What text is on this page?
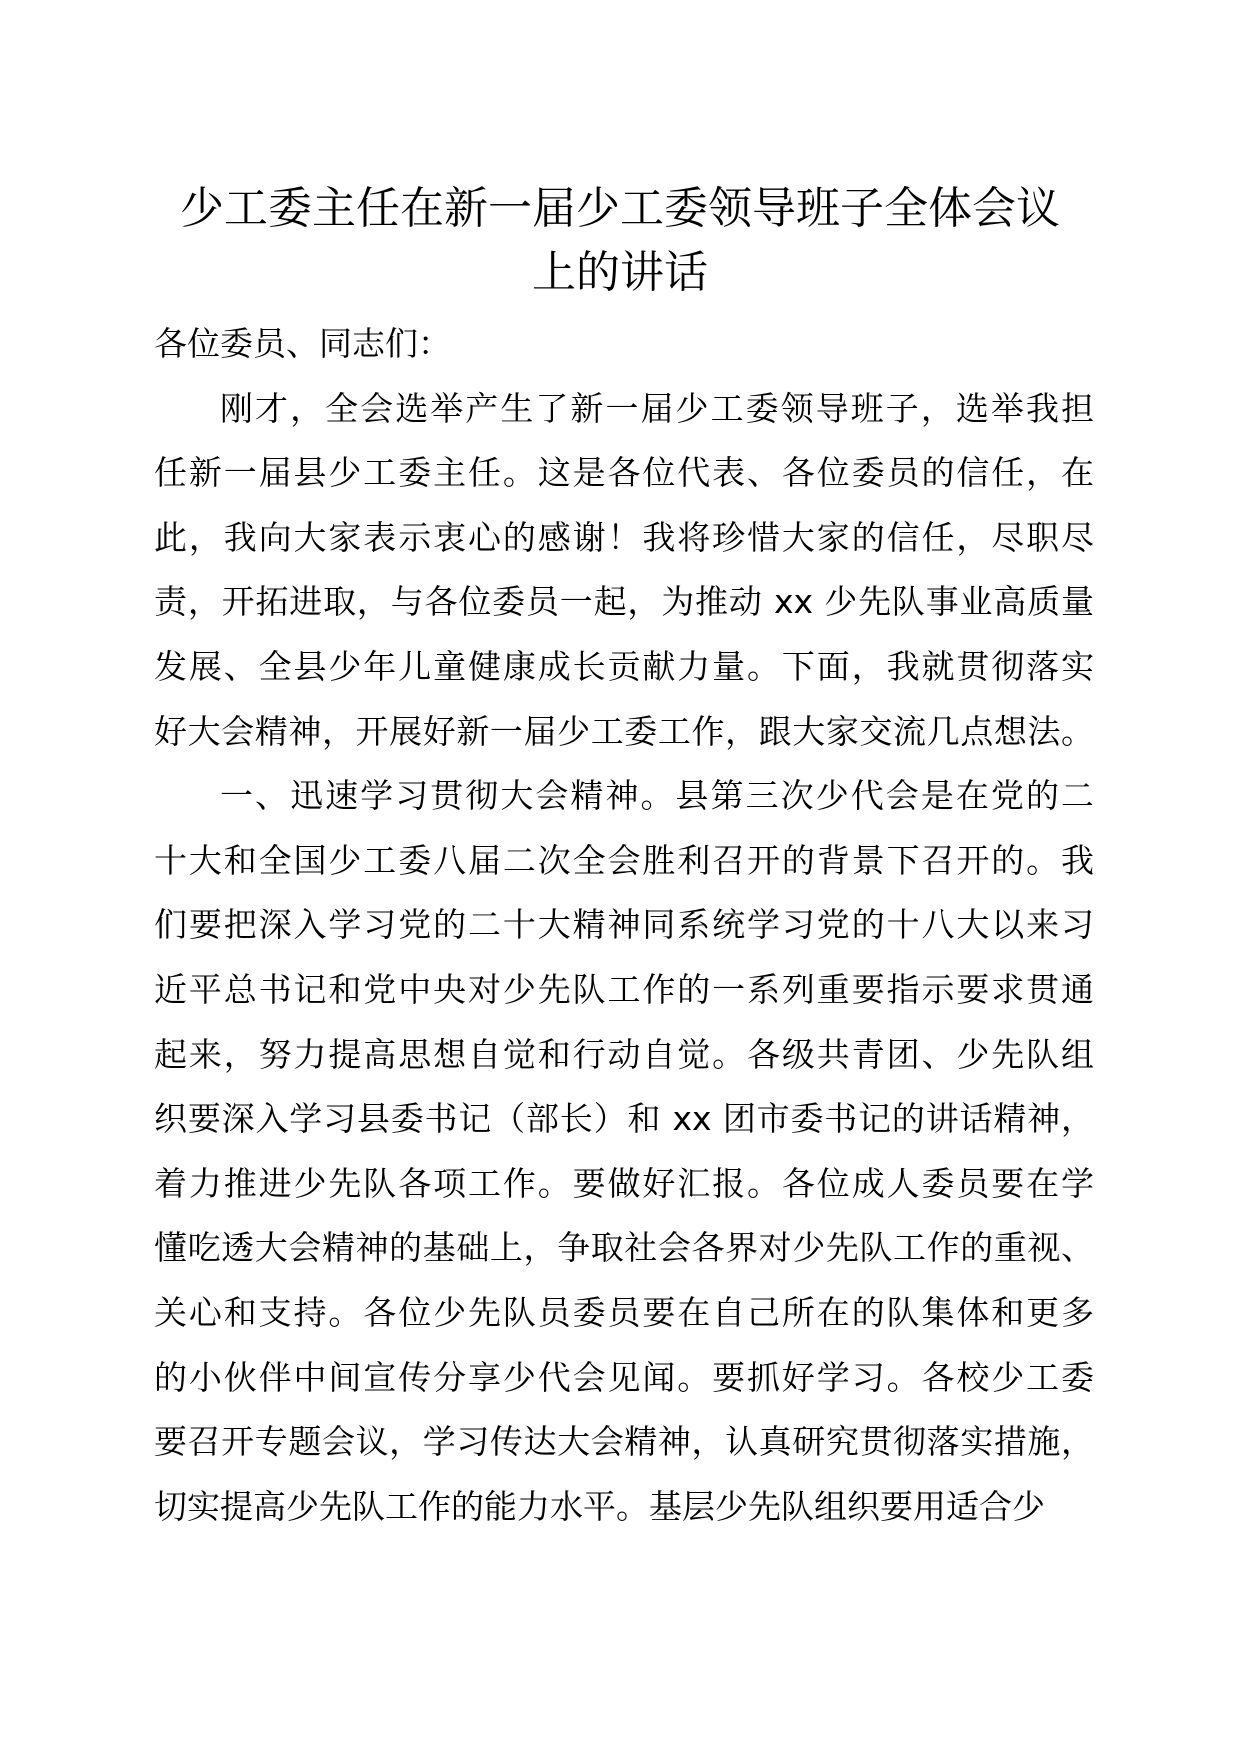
少工委主任在新一届少工委领导班子全体会议
上的讲话
各位委员、同志们：
刚才，全会选举产生了新一届少工委领导班子，选举我担
任新一届县少工委主任。这是各位代表、各位委员的信任，在
此，我向大家表示衷心的感谢！我将珍惜大家的信任，尽职尽
责，开拓进取，与各位委员一起，为推动 xx 少先队事业高质量
发展、全县少年儿童健康成长贡献力量。下面，我就贯彻落实
好大会精神，开展好新一届少工委工作，跟大家交流几点想法。
一、迅速学习贯彻大会精神。县第三次少代会是在党的二
十大和全国少工委八届二次全会胜利召开的背景下召开的。我
们要把深入学习党的二十大精神同系统学习党的十八大以来习
近平总书记和党中央对少先队工作的一系列重要指示要求贯通
起来，努力提高思想自觉和行动自觉。各级共青团、少先队组
织要深入学习县委书记（部长）和 xx 团市委书记的讲话精神，
着力推进少先队各项工作。要做好汇报。各位成人委员要在学
懂吃透大会精神的基础上，争取社会各界对少先队工作的重视、
关心和支持。各位少先队员委员要在自己所在的队集体和更多
的小伙伴中间宣传分享少代会见闻。要抓好学习。各校少工委
要召开专题会议，学习传达大会精神，认真研究贯彻落实措施，
切实提高少先队工作的能力水平。基层少先队组织要用适合少
